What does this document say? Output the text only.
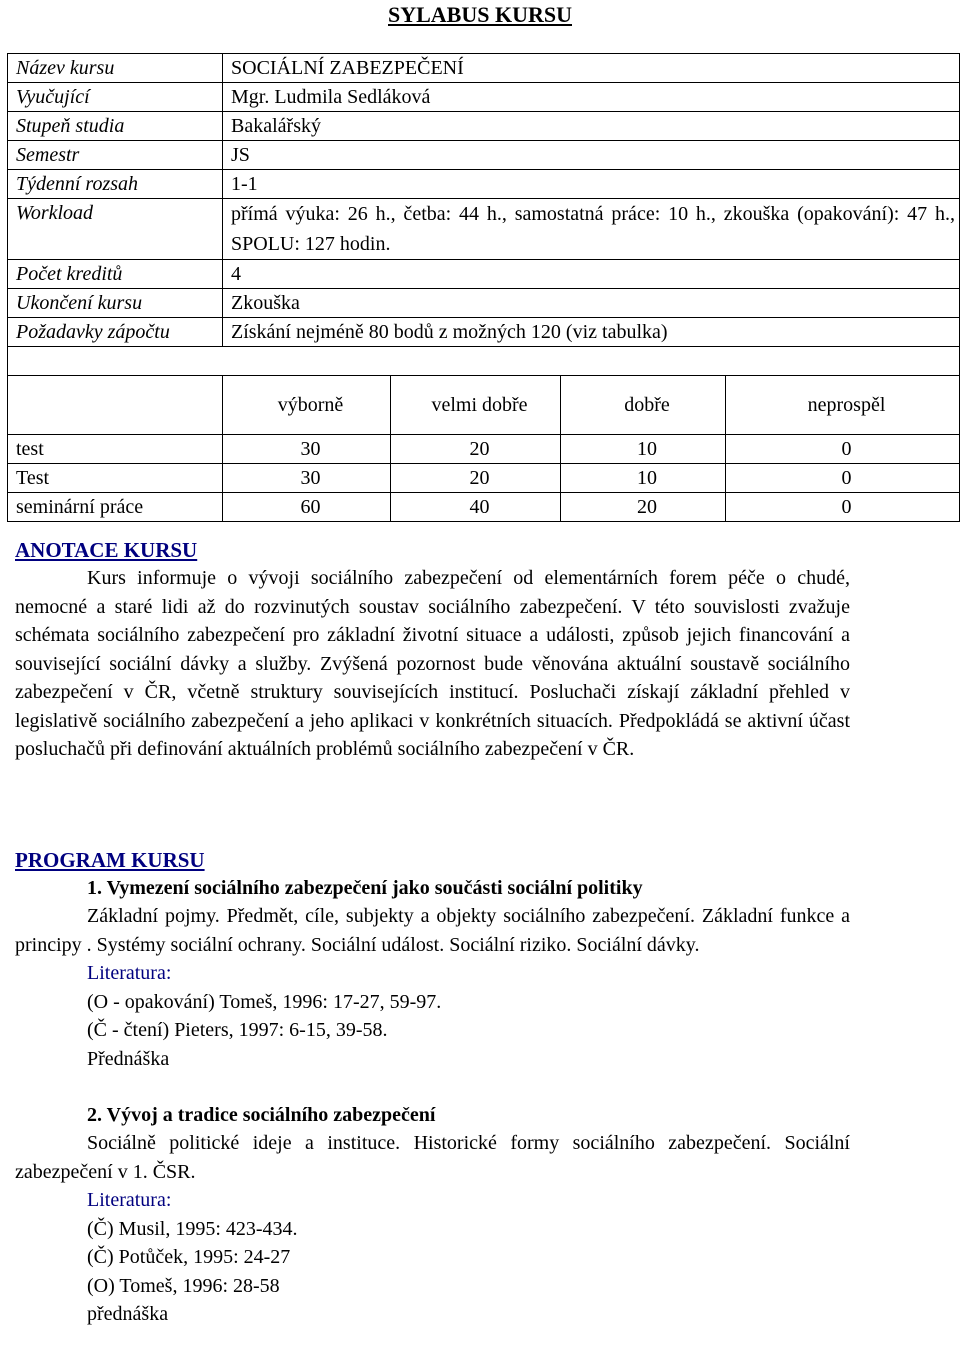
SYLABUS KURSU
Název kursu	SOCIÁLNÍ ZABEZPEČENÍ			
Vyučující	Mgr. Ludmila Sedláková			
Stupeň studia	Bakalářský			
Semestr	JS			
Týdenní rozsah	1-1			
Workload	přímá výuka: 26 h., četba: 44 h., samostatná práce: 10 h., zkouška (opakování): 47 h., SPOLU: 127 hodin.			
Počet kreditů	4			
Ukončení kursu	Zkouška			
Požadavky zápočtu	Získání nejméně 80 bodů z možných 120 (viz tabulka)			

	výborně	velmi dobře	dobře	neprospěl
test	30	20	10	0
Test	30	20	10	0
seminární práce	60	40	20	0
ANOTACE KURSU

Kurs informuje o vývoji sociálního zabezpečení od elementárních forem péče o chudé, nemocné a staré lidi až do rozvinutých soustav sociálního zabezpečení. V této souvislosti zvažuje schémata sociálního zabezpečení pro základní životní situace a události, způsob jejich financování a související sociální dávky a služby. Zvýšená pozornost bude věnována aktuální soustavě sociálního zabezpečení v ČR, včetně struktury souvisejících institucí. Posluchači získají základní přehled v legislativě sociálního zabezpečení a jeho aplikaci v konkrétních situacích. Předpokládá se aktivní účast posluchačů při definování aktuálních problémů sociálního zabezpečení v ČR.

PROGRAM KURSU

1. Vymezení sociálního zabezpečení jako součásti sociální politiky

Základní pojmy. Předmět, cíle, subjekty a objekty sociálního zabezpečení. Základní funkce a principy . Systémy sociální ochrany. Sociální událost. Sociální riziko. Sociální dávky.

Literatura:

(O - opakování) Tomeš, 1996: 17-27, 59-97.

(Č - čtení) Pieters, 1997: 6-15, 39-58.

Přednáška

2. Vývoj a tradice sociálního zabezpečení

Sociálně politické ideje a instituce. Historické formy sociálního zabezpečení. Sociální zabezpečení v 1. ČSR.

Literatura:

(Č) Musil, 1995: 423-434.

(Č) Potůček, 1995: 24-27

(O) Tomeš, 1996: 28-58

přednáška
